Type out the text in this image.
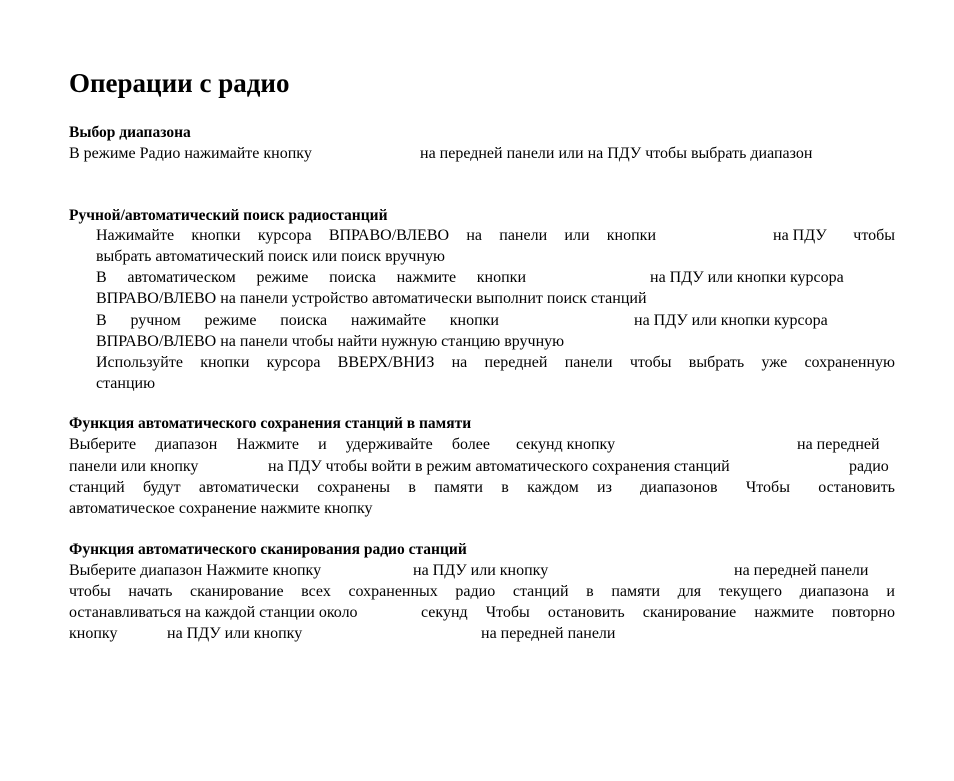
Операции с радио
Выбор диапазона
В режиме Радио нажимайте кнопку	на передней панели или на ПДУ чтобы выбрать диапазон
Ручной/автоматический поиск радиостанций
Нажимайте кнопки курсора ВПРАВО/ВЛЕВО на панели или кнопки	на ПДУ чтобы
выбрать автоматический поиск или поиск вручную
В автоматическом режиме поиска нажмите кнопки	на ПДУ или кнопки курсора
ВПРАВО/ВЛЕВО на панели устройство автоматически выполнит поиск станций
В ручном режиме поиска нажимайте кнопки	на ПДУ или кнопки курсора
ВПРАВО/ВЛЕВО на панели чтобы найти нужную станцию вручную
Используйте кнопки курсора ВВЕРХ/ВНИЗ на передней панели чтобы выбрать уже сохраненную
станцию
Функция автоматического сохранения станций в памяти
Выберите диапазон Нажмите и удерживайте более секунд кнопку	на передней
панели или кнопку	на ПДУ чтобы войти в режим автоматического сохранения станций	радио
станций будут автоматически сохранены в памяти в каждом из диапазонов Чтобы остановить
автоматическое сохранение нажмите кнопку
Функция автоматического сканирования радио станций
Выберите диапазон Нажмите кнопку	на ПДУ или кнопку	на передней панели
чтобы начать сканирование всех сохраненных радио станций в памяти для текущего диапазона и
останавливаться на каждой станции около	секунд Чтобы остановить сканирование нажмите повторно
кнопку	на ПДУ или кнопку	на передней панели
